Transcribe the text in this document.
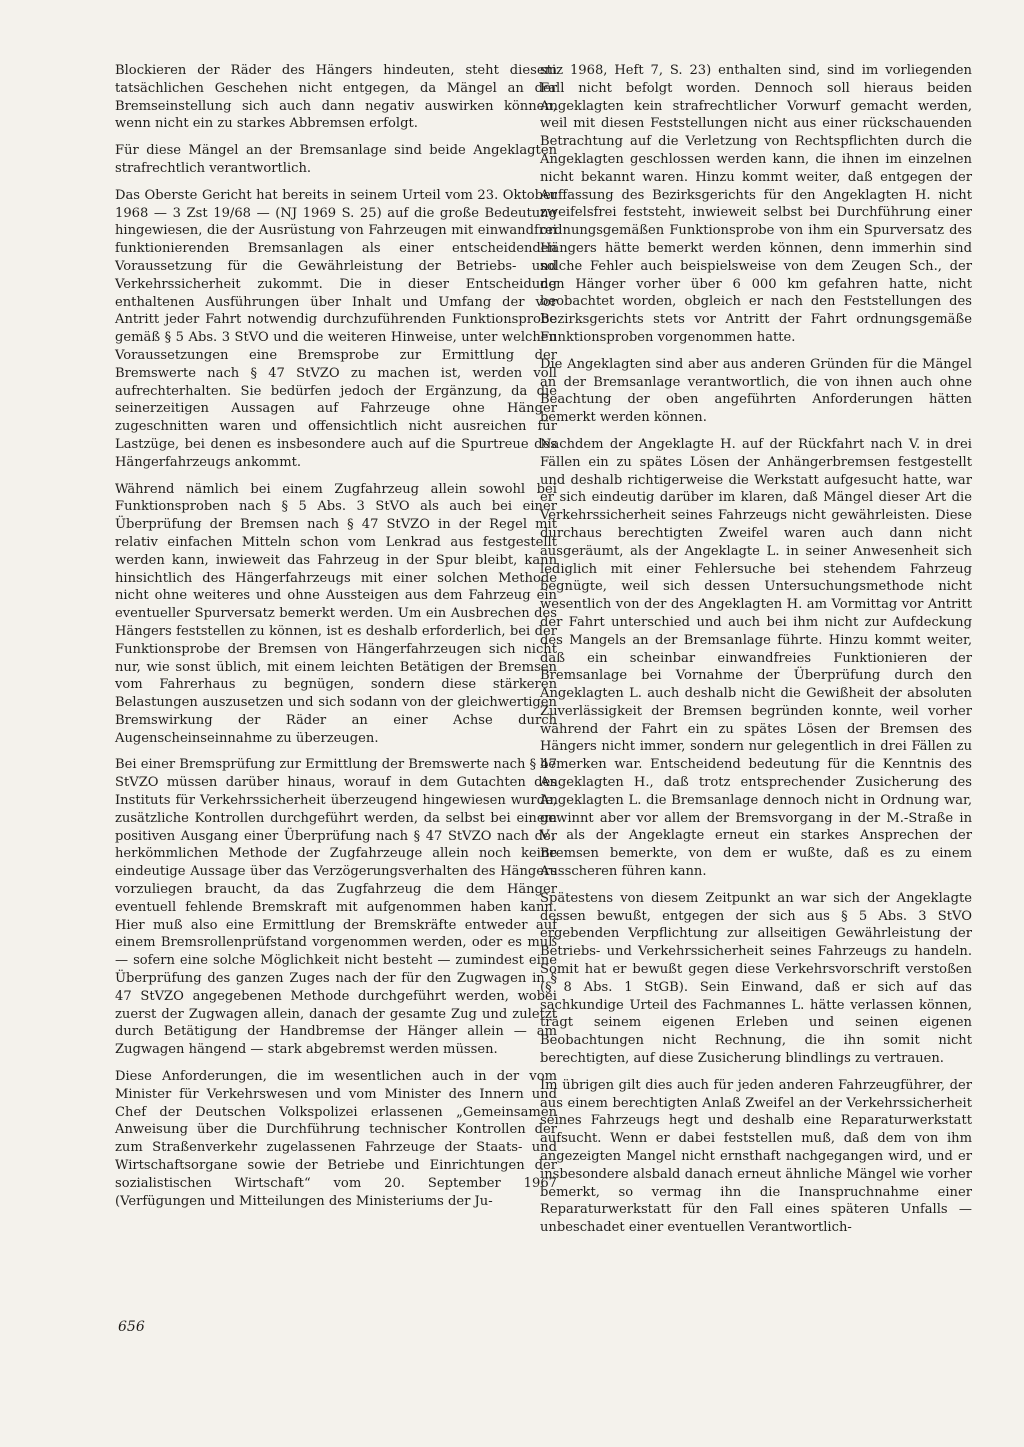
Blockieren der Räder des Hängers hindeuten, steht diesem tatsächlichen Geschehen nicht entgegen, da Mängel an der Bremseinstellung sich auch dann negativ auswirken können, wenn nicht ein zu starkes Abbremsen erfolgt.

Für diese Mängel an der Bremsanlage sind beide Angeklagten strafrechtlich verantwortlich.

Das Oberste Gericht hat bereits in seinem Urteil vom 23. Oktober 1968 — 3 Zst 19/68 — (NJ 1969 S. 25) auf die große Bedeutung hingewiesen, die der Ausrüstung von Fahrzeugen mit einwandfrei funktionierenden Bremsanlagen als einer entscheidenden Voraussetzung für die Gewährleistung der Betriebs- und Verkehrssicherheit zukommt. Die in dieser Entscheidung enthaltenen Ausführungen über Inhalt und Umfang der vor Antritt jeder Fahrt notwendig durchzuführenden Funktionsprobe gemäß § 5 Abs. 3 StVO und die weiteren Hinweise, unter welchen Voraussetzungen eine Bremsprobe zur Ermittlung der Bremswerte nach § 47 StVZO zu machen ist, werden voll aufrechterhalten. Sie bedürfen jedoch der Ergänzung, da die seinerzeitigen Aussagen auf Fahrzeuge ohne Hänger zugeschnitten waren und offensichtlich nicht ausreichen für Lastzüge, bei denen es insbesondere auch auf die Spurtreue des Hängerfahrzeugs ankommt.

Während nämlich bei einem Zugfahrzeug allein sowohl bei Funktionsproben nach § 5 Abs. 3 StVO als auch bei einer Überprüfung der Bremsen nach § 47 StVZO in der Regel mit relativ einfachen Mitteln schon vom Lenkrad aus festgestellt werden kann, inwieweit das Fahrzeug in der Spur bleibt, kann hinsichtlich des Hängerfahrzeugs mit einer solchen Methode nicht ohne weiteres und ohne Aussteigen aus dem Fahrzeug ein eventueller Spurversatz bemerkt werden. Um ein Ausbrechen des Hängers feststellen zu können, ist es deshalb erforderlich, bei der Funktionsprobe der Bremsen von Hängerfahrzeugen sich nicht nur, wie sonst üblich, mit einem leichten Betätigen der Bremsen vom Fahrerhaus zu begnügen, sondern diese stärkeren Belastungen auszusetzen und sich sodann von der gleichwertigen Bremswirkung der Räder an einer Achse durch Augenscheinseinnahme zu überzeugen.

Bei einer Bremsprüfung zur Ermittlung der Bremswerte nach § 47 StVZO müssen darüber hinaus, worauf in dem Gutachten des Instituts für Verkehrssicherheit überzeugend hingewiesen wurde, zusätzliche Kontrollen durchgeführt werden, da selbst bei einem positiven Ausgang einer Überprüfung nach § 47 StVZO nach der herkömmlichen Methode der Zugfahrzeuge allein noch keine eindeutige Aussage über das Verzögerungsverhalten des Hängers vorzuliegen braucht, da das Zugfahrzeug die dem Hänger eventuell fehlende Bremskraft mit aufgenommen haben kann. Hier muß also eine Ermittlung der Bremskräfte entweder auf einem Bremsrollenprüfstand vorgenommen werden, oder es muß — sofern eine solche Möglichkeit nicht besteht — zumindest eine Überprüfung des ganzen Zuges nach der für den Zugwagen in § 47 StVZO angegebenen Methode durchgeführt werden, wobei zuerst der Zugwagen allein, danach der gesamte Zug und zuletzt durch Betätigung der Handbremse der Hänger allein — am Zugwagen hängend — stark abgebremst werden müssen.

Diese Anforderungen, die im wesentlichen auch in der vom Minister für Verkehrswesen und vom Minister des Innern und Chef der Deutschen Volkspolizei erlassenen „Gemeinsamen Anweisung über die Durchführung technischer Kontrollen der zum Straßenverkehr zugelassenen Fahrzeuge der Staats- und Wirtschaftsorgane sowie der Betriebe und Einrichtungen der sozialistischen Wirtschaft“ vom 20. September 1967 (Verfügungen und Mitteilungen des Ministeriums der Ju-

stiz 1968, Heft 7, S. 23) enthalten sind, sind im vorliegenden Fall nicht befolgt worden. Dennoch soll hieraus beiden Angeklagten kein strafrechtlicher Vorwurf gemacht werden, weil mit diesen Feststellungen nicht aus einer rückschauenden Betrachtung auf die Verletzung von Rechtspflichten durch die Angeklagten geschlossen werden kann, die ihnen im einzelnen nicht bekannt waren. Hinzu kommt weiter, daß entgegen der Auffassung des Bezirksgerichts für den Angeklagten H. nicht zweifelsfrei feststeht, inwieweit selbst bei Durchführung einer ordnungsgemäßen Funktionsprobe von ihm ein Spurversatz des Hängers hätte bemerkt werden können, denn immerhin sind solche Fehler auch beispielsweise von dem Zeugen Sch., der den Hänger vorher über 6 000 km gefahren hatte, nicht beobachtet worden, obgleich er nach den Feststellungen des Bezirksgerichts stets vor Antritt der Fahrt ordnungsgemäße Funktionsproben vorgenommen hatte.

Die Angeklagten sind aber aus anderen Gründen für die Mängel an der Bremsanlage verantwortlich, die von ihnen auch ohne Beachtung der oben angeführten Anforderungen hätten bemerkt werden können.

Nachdem der Angeklagte H. auf der Rückfahrt nach V. in drei Fällen ein zu spätes Lösen der Anhängerbremsen festgestellt und deshalb richtigerweise die Werkstatt aufgesucht hatte, war er sich eindeutig darüber im klaren, daß Mängel dieser Art die Verkehrssicherheit seines Fahrzeugs nicht gewährleisten. Diese durchaus berechtigten Zweifel waren auch dann nicht ausgeräumt, als der Angeklagte L. in seiner Anwesenheit sich lediglich mit einer Fehlersuche bei stehendem Fahrzeug begnügte, weil sich dessen Untersuchungsmethode nicht wesentlich von der des Angeklagten H. am Vormittag vor Antritt der Fahrt unterschied und auch bei ihm nicht zur Aufdeckung des Mangels an der Bremsanlage führte. Hinzu kommt weiter, daß ein scheinbar einwandfreies Funktionieren der Bremsanlage bei Vornahme der Überprüfung durch den Angeklagten L. auch deshalb nicht die Gewißheit der absoluten Zuverlässigkeit der Bremsen begründen konnte, weil vorher während der Fahrt ein zu spätes Lösen der Bremsen des Hängers nicht immer, sondern nur gelegentlich in drei Fällen zu bemerken war. Entscheidend bedeutung für die Kenntnis des Angeklagten H., daß trotz entsprechender Zusicherung des Angeklagten L. die Bremsanlage dennoch nicht in Ordnung war, gewinnt aber vor allem der Bremsvorgang in der M.-Straße in V., als der Angeklagte erneut ein starkes Ansprechen der Bremsen bemerkte, von dem er wußte, daß es zu einem Ausscheren führen kann.

Spätestens von diesem Zeitpunkt an war sich der Angeklagte dessen bewußt, entgegen der sich aus § 5 Abs. 3 StVO ergebenden Verpflichtung zur allseitigen Gewährleistung der Betriebs- und Verkehrssicherheit seines Fahrzeugs zu handeln. Somit hat er bewußt gegen diese Verkehrsvorschrift verstoßen (§ 8 Abs. 1 StGB). Sein Einwand, daß er sich auf das sachkundige Urteil des Fachmannes L. hätte verlassen können, trägt seinem eigenen Erleben und seinen eigenen Beobachtungen nicht Rechnung, die ihn somit nicht berechtigten, auf diese Zusicherung blindlings zu vertrauen.

Im übrigen gilt dies auch für jeden anderen Fahrzeugführer, der aus einem berechtigten Anlaß Zweifel an der Verkehrssicherheit seines Fahrzeugs hegt und deshalb eine Reparaturwerkstatt aufsucht. Wenn er dabei feststellen muß, daß dem von ihm angezeigten Mangel nicht ernsthaft nachgegangen wird, und er insbesondere alsbald danach erneut ähnliche Mängel wie vorher bemerkt, so vermag ihn die Inanspruchnahme einer Reparaturwerkstatt für den Fall eines späteren Unfalls — unbeschadet einer eventuellen Verantwortlich-

656
